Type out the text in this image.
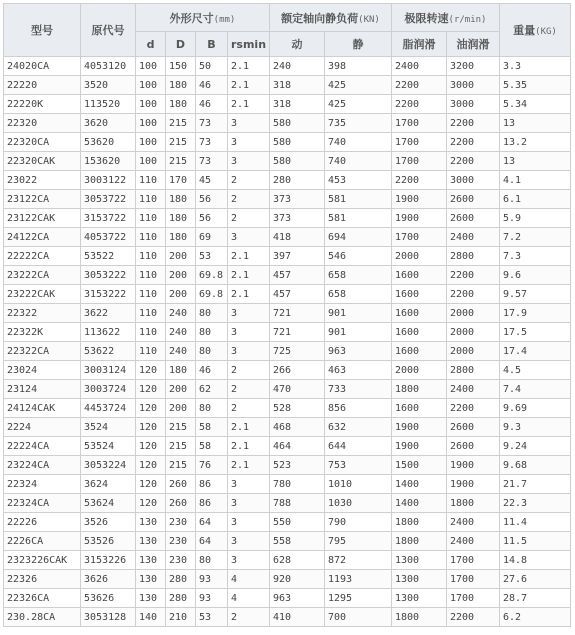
型号	原代号	外形尺寸(mm)				额定轴向静负荷(KN)		极限转速(r/min)		重量(KG)
		d	D	B	rsmin	动	静	脂润滑	油润滑	
24020CA	4053120	100	150	50	2.1	240	398	2400	3200	3.3
22220	3520	100	180	46	2.1	318	425	2200	3000	5.35
22220K	113520	100	180	46	2.1	318	425	2200	3000	5.34
22320	3620	100	215	73	3	580	735	1700	2200	13
22320CA	53620	100	215	73	3	580	740	1700	2200	13.2
22320CAK	153620	100	215	73	3	580	740	1700	2200	13
23022	3003122	110	170	45	2	280	453	2200	3000	4.1
23122CA	3053722	110	180	56	2	373	581	1900	2600	6.1
23122CAK	3153722	110	180	56	2	373	581	1900	2600	5.9
24122CA	4053722	110	180	69	3	418	694	1700	2400	7.2
22222CA	53522	110	200	53	2.1	397	546	2000	2800	7.3
23222CA	3053222	110	200	69.8	2.1	457	658	1600	2200	9.6
23222CAK	3153222	110	200	69.8	2.1	457	658	1600	2200	9.57
22322	3622	110	240	80	3	721	901	1600	2000	17.9
22322K	113622	110	240	80	3	721	901	1600	2000	17.5
22322CA	53622	110	240	80	3	725	963	1600	2000	17.4
23024	3003124	120	180	46	2	266	463	2000	2800	4.5
23124	3003724	120	200	62	2	470	733	1800	2400	7.4
24124CAK	4453724	120	200	80	2	528	856	1600	2200	9.69
2224	3524	120	215	58	2.1	468	632	1900	2600	9.3
22224CA	53524	120	215	58	2.1	464	644	1900	2600	9.24
23224CA	3053224	120	215	76	2.1	523	753	1500	1900	9.68
22324	3624	120	260	86	3	780	1010	1400	1900	21.7
22324CA	53624	120	260	86	3	788	1030	1400	1800	22.3
22226	3526	130	230	64	3	550	790	1800	2400	11.4
2226CA	53526	130	230	64	3	558	795	1800	2400	11.5
2323226CAK	3153226	130	230	80	3	628	872	1300	1700	14.8
22326	3626	130	280	93	4	920	1193	1300	1700	27.6
22326CA	53626	130	280	93	4	963	1295	1300	1700	28.7
230.28CA	3053128	140	210	53	2	410	700	1800	2200	6.2
